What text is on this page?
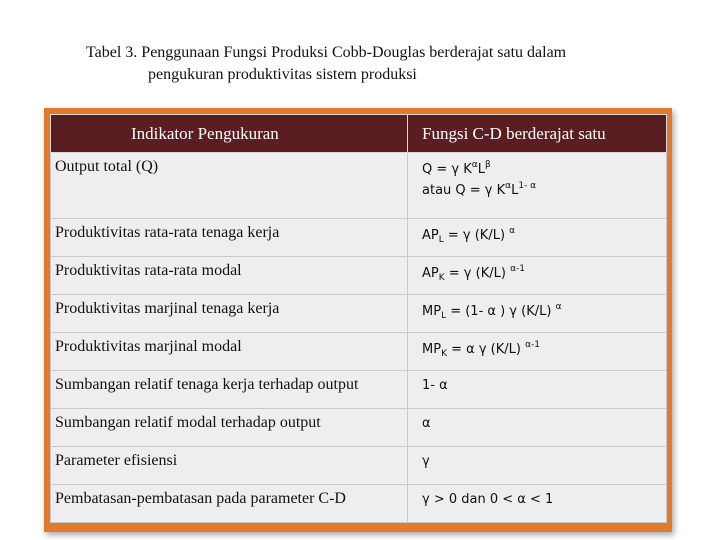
Tabel 3. Penggunaan Fungsi Produksi Cobb-Douglas berderajat satu dalam
pengukuran produktivitas sistem produksi
Indikator Pengukuran	Fungsi C-D berderajat satu
Output total (Q)	Q = γ $K^\alpha L^\beta$
atau Q = γ $K^\alpha L^{1- \alpha}$

Produktivitas rata-rata tenaga kerja	$AP_L = \gamma$ (K/L) $^\alpha$
Produktivitas rata-rata modal	$AP_K = \gamma$ (K/L) $^{\alpha-1}$
Produktivitas marjinal tenaga kerja	$MP_L = (1-$ α ) γ (K/L) $^\alpha$
Produktivitas marjinal modal	$MP_K = \alpha$ γ (K/L) $^{\alpha-1}$
Sumbangan relatif tenaga kerja terhadap output	1- α
Sumbangan relatif modal terhadap output	α
Parameter efisiensi	γ
Pembatasan-pembatasan pada parameter C-D	γ > 0 dan 0 < α < 1
